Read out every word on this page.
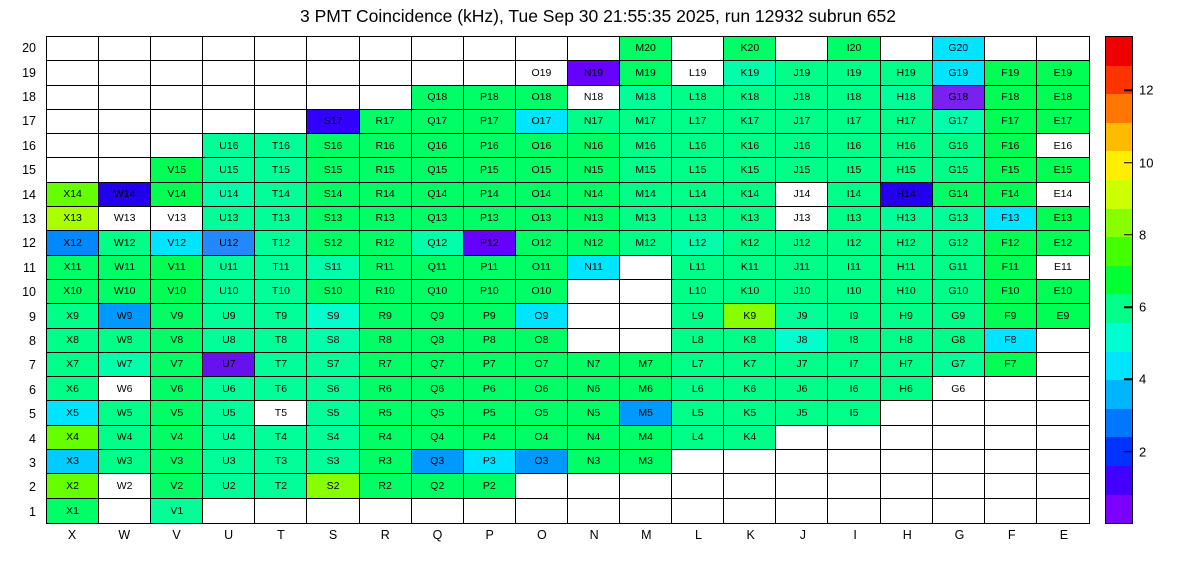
3 PMT Coincidence (kHz), Tue Sep 30 21:55:35 2025, run 12932 subrun 652
20
19
18
17
16
15
14
13
12
11
10
9
8
7
6
5
4
3
2
1
M20	K20	I20	G20
O19	N19	M19	L19	K19	J19	I19	H19	G19	F19	E19
Q18	P18	O18	N18	M18	L18	K18	J18	I18	H18	G18	F18	E18
S17	R17	Q17	P17	O17	N17	M17	L17	K17	J17	I17	H17	G17	F17	E17
U16	T16	S16	R16	Q16	P16	O16	N16	M16	L16	K16	J16	I16	H16	G16	F16	E16
V15	U15	T15	S15	R15	Q15	P15	O15	N15	M15	L15	K15	J15	I15	H15	G15	F15	E15
X14	W14	V14	U14	T14	S14	R14	Q14	P14	O14	N14	M14	L14	K14	J14	I14	H14	G14	F14	E14
X13	W13	V13	U13	T13	S13	R13	Q13	P13	O13	N13	M13	L13	K13	J13	I13	H13	G13	F13	E13
X12	W12	V12	U12	T12	S12	R12	Q12	P12	O12	N12	M12	L12	K12	J12	I12	H12	G12	F12	E12
X11	W11	V11	U11	T11	S11	R11	Q11	P11	O11	N11	L11	K11	J11	I11	H11	G11	F11	E11
X10	W10	V10	U10	T10	S10	R10	Q10	P10	O10	L10	K10	J10	I10	H10	G10	F10	E10
X9	W9	V9	U9	T9	S9	R9	Q9	P9	O9	L9	K9	J9	I9	H9	G9	F9	E9
X8	W8	V8	U8	T8	S8	R8	Q8	P8	O8	L8	K8	J8	I8	H8	G8	F8
X7	W7	V7	U7	T7	S7	R7	Q7	P7	O7	N7	M7	L7	K7	J7	I7	H7	G7	F7
X6	W6	V6	U6	T6	S6	R6	Q6	P6	O6	N6	M6	L6	K6	J6	I6	H6	G6
X5	W5	V5	U5	T5	S5	R5	Q5	P5	O5	N5	M5	L5	K5	J5	I5
X4	W4	V4	U4	T4	S4	R4	Q4	P4	O4	N4	M4	L4	K4
X3	W3	V3	U3	T3	S3	R3	Q3	P3	O3	N3	M3
X2	W2	V2	U2	T2	S2	R2	Q2	P2
X1	V1
X	W	V	U	T	S	R	Q	P	O	N	M	L	K	J	I	H	G	F	E
2
4
6
8
10
12
